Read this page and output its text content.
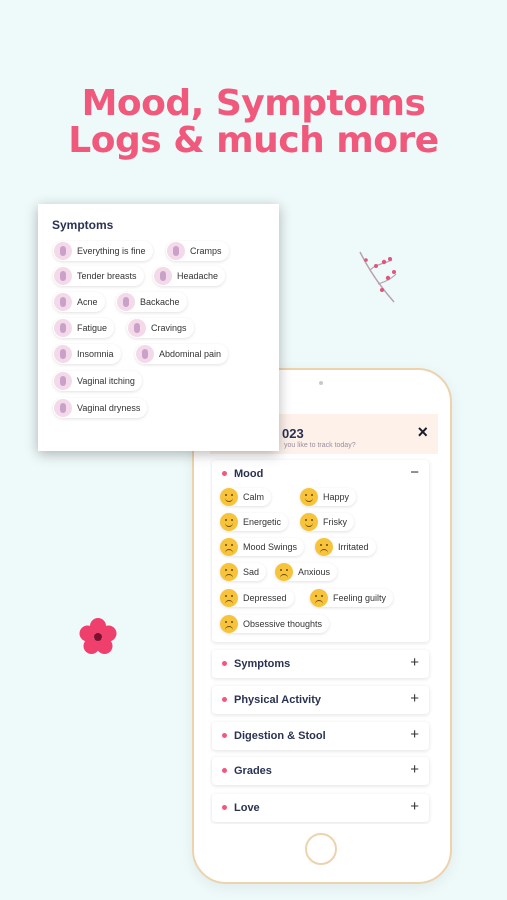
Mood, Symptoms
Logs & much more
023
you like to track today?
×
Mood	−
Calm	Happy
Energetic	Frisky
Mood Swings	Irritated
Sad	Anxious
Depressed	Feeling guilty
Obsessive thoughts
Symptoms	+
Physical Activity	+
Digestion & Stool	+
Grades	+
Love	+
Symptoms
Everything is fine	Cramps
Tender breasts	Headache
Acne	Backache
Fatigue	Cravings
Insomnia	Abdominal pain
Vaginal itching
Vaginal dryness
